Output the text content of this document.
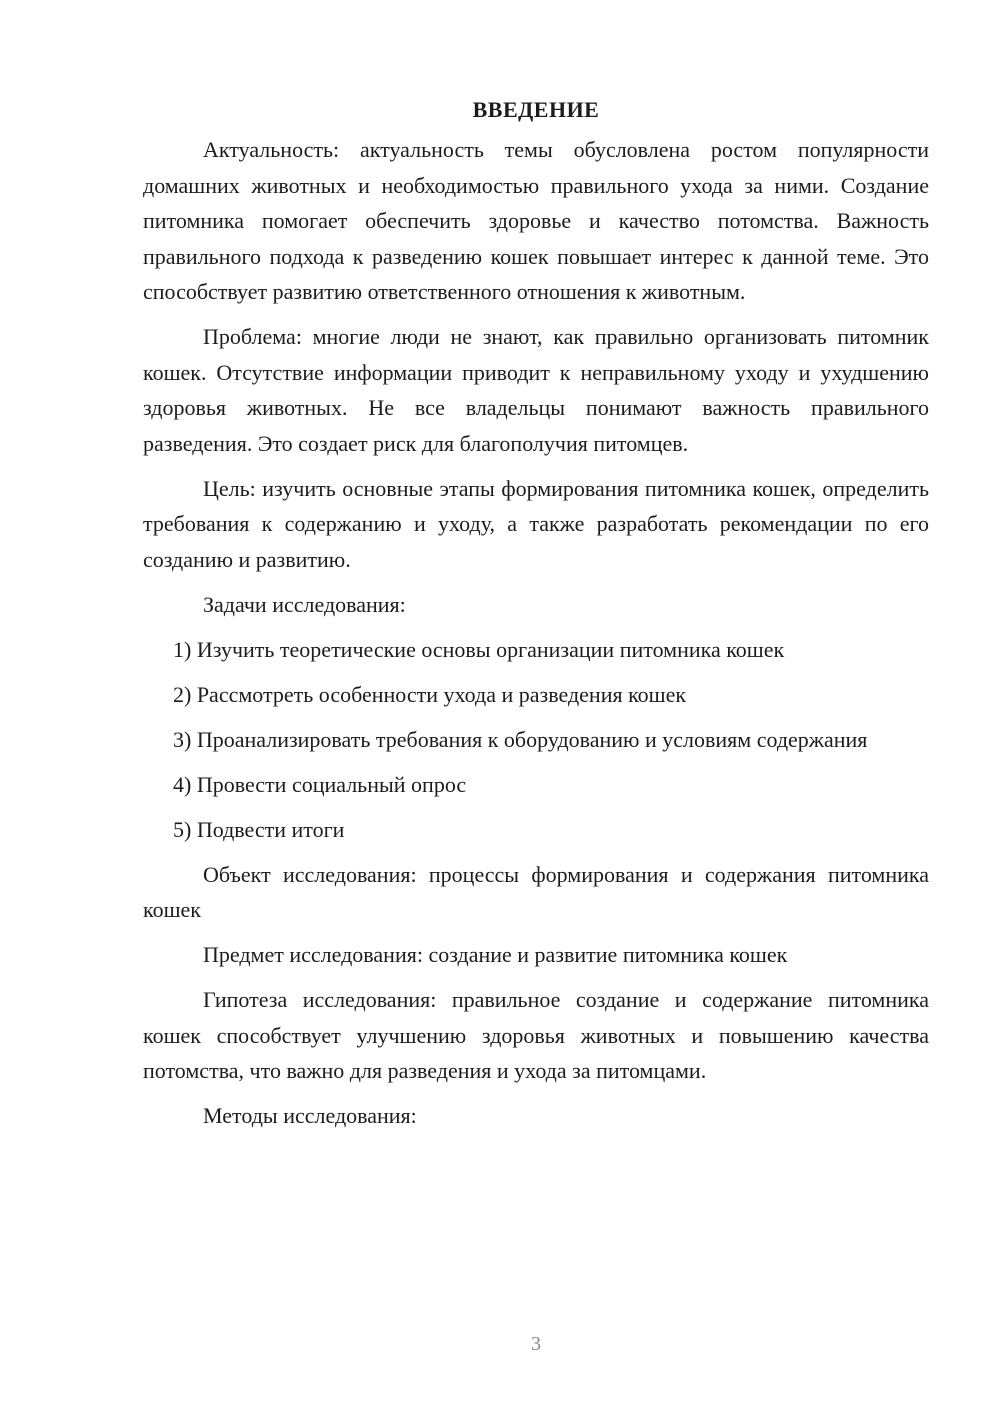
ВВЕДЕНИЕ

Актуальность: актуальность темы обусловлена ростом популярности домашних животных и необходимостью правильного ухода за ними. Создание питомника помогает обеспечить здоровье и качество потомства. Важность правильного подхода к разведению кошек повышает интерес к данной теме. Это способствует развитию ответственного отношения к животным.

Проблема: многие люди не знают, как правильно организовать питомник кошек. Отсутствие информации приводит к неправильному уходу и ухудшению здоровья животных. Не все владельцы понимают важность правильного разведения. Это создает риск для благополучия питомцев.

Цель: изучить основные этапы формирования питомника кошек, определить требования к содержанию и уходу, а также разработать рекомендации по его созданию и развитию.

Задачи исследования:

1) Изучить теоретические основы организации питомника кошек

2) Рассмотреть особенности ухода и разведения кошек

3) Проанализировать требования к оборудованию и условиям содержания

4) Провести социальный опрос

5) Подвести итоги

Объект исследования: процессы формирования и содержания питомника кошек

Предмет исследования: создание и развитие питомника кошек

Гипотеза исследования: правильное создание и содержание питомника кошек способствует улучшению здоровья животных и повышению качества потомства, что важно для разведения и ухода за питомцами.

Методы исследования:

3
